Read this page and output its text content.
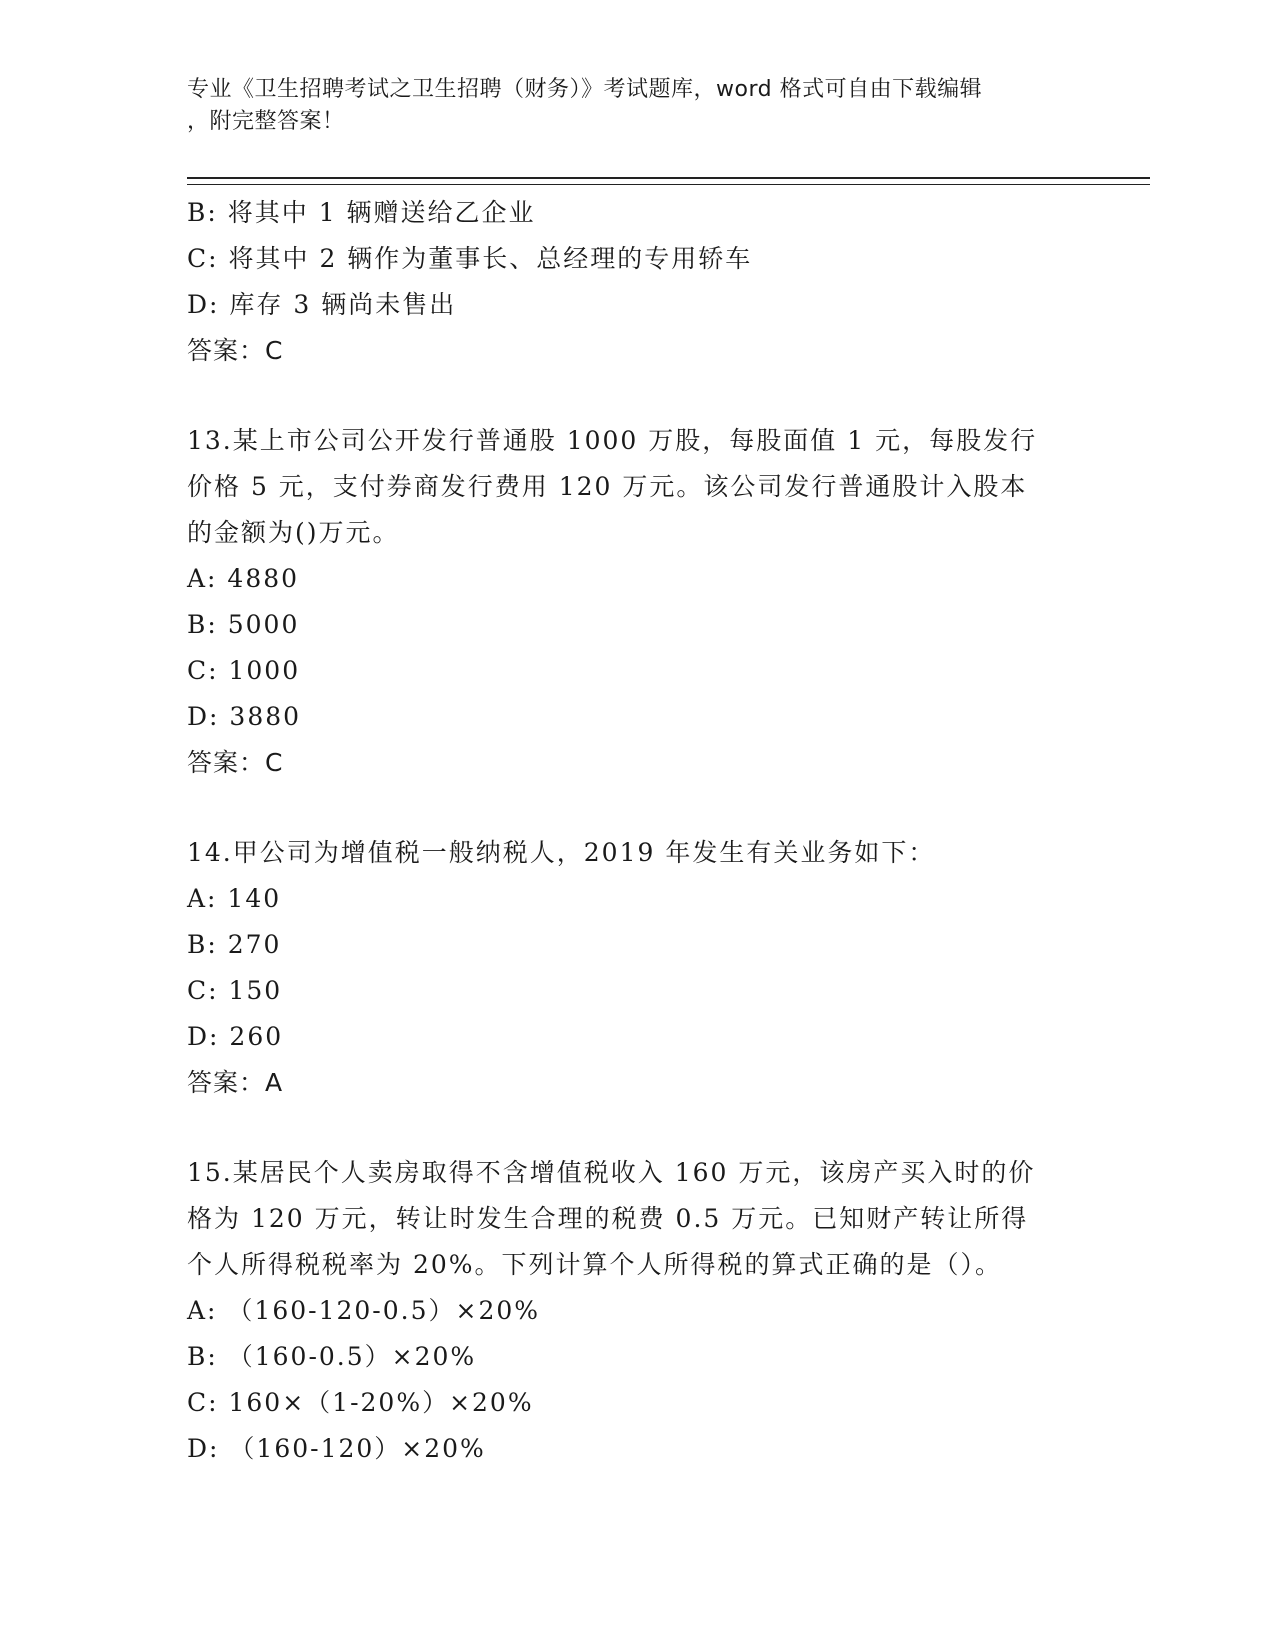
专业《卫生招聘考试之卫生招聘（财务）》考试题库，word 格式可自由下载编辑
，附完整答案！
B: 将其中 1 辆赠送给乙企业
C: 将其中 2 辆作为董事长、总经理的专用轿车
D: 库存 3 辆尚未售出
答案：C
13.某上市公司公开发行普通股 1000 万股，每股面值 1 元，每股发行
价格 5 元，支付券商发行费用 120 万元。该公司发行普通股计入股本
的金额为()万元。
A: 4880
B: 5000
C: 1000
D: 3880
答案：C
14.甲公司为增值税一般纳税人，2019 年发生有关业务如下：
A: 140
B: 270
C: 150
D: 260
答案：A
15.某居民个人卖房取得不含增值税收入 160 万元，该房产买入时的价
格为 120 万元，转让时发生合理的税费 0.5 万元。已知财产转让所得
个人所得税税率为 20%。下列计算个人所得税的算式正确的是（）。
A: （160-120-0.5）×20%
B: （160-0.5）×20%
C: 160×（1-20%）×20%
D: （160-120）×20%
